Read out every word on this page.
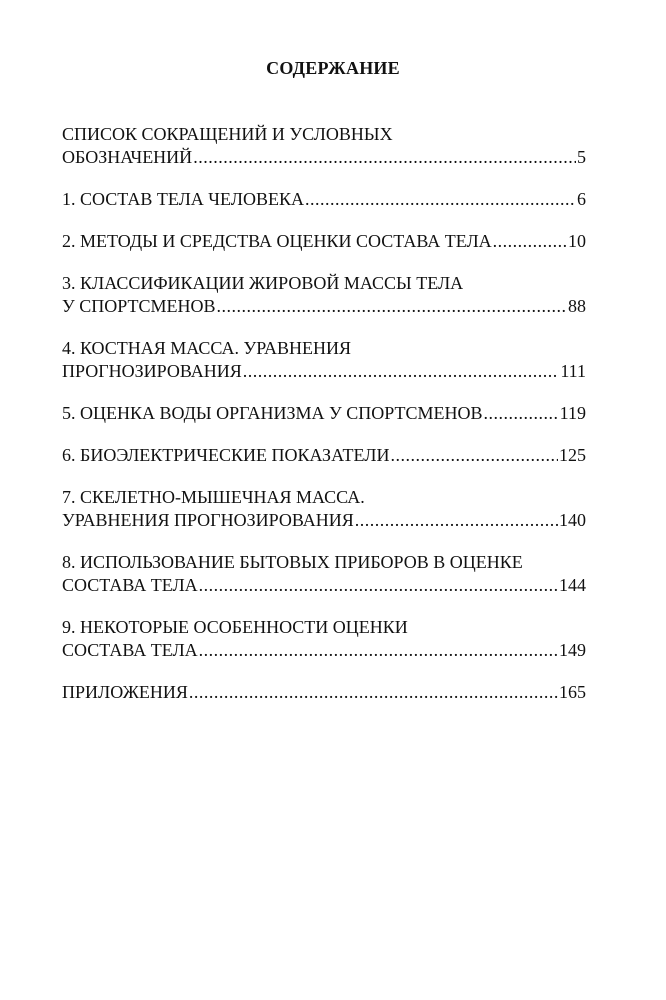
СОДЕРЖАНИЕ
СПИСОК СОКРАЩЕНИЙ И УСЛОВНЫХ
ОБОЗНАЧЕНИЙ .....	5
1. СОСТАВ ТЕЛА ЧЕЛОВЕКА .....	6
2. МЕТОДЫ И СРЕДСТВА ОЦЕНКИ СОСТАВА ТЕЛА .....	10
3. КЛАССИФИКАЦИИ ЖИРОВОЙ МАССЫ ТЕЛА
У СПОРТСМЕНОВ .....	88
4. КОСТНАЯ МАССА. УРАВНЕНИЯ
ПРОГНОЗИРОВАНИЯ .....	111
5. ОЦЕНКА ВОДЫ ОРГАНИЗМА У СПОРТСМЕНОВ .....	119
6. БИОЭЛЕКТРИЧЕСКИЕ ПОКАЗАТЕЛИ .....	125
7. СКЕЛЕТНО-МЫШЕЧНАЯ МАССА.
УРАВНЕНИЯ ПРОГНОЗИРОВАНИЯ .....	140
8. ИСПОЛЬЗОВАНИЕ БЫТОВЫХ ПРИБОРОВ В ОЦЕНКЕ
СОСТАВА ТЕЛА .....	144
9. НЕКОТОРЫЕ ОСОБЕННОСТИ ОЦЕНКИ
СОСТАВА ТЕЛА .....	149
ПРИЛОЖЕНИЯ .....	165
